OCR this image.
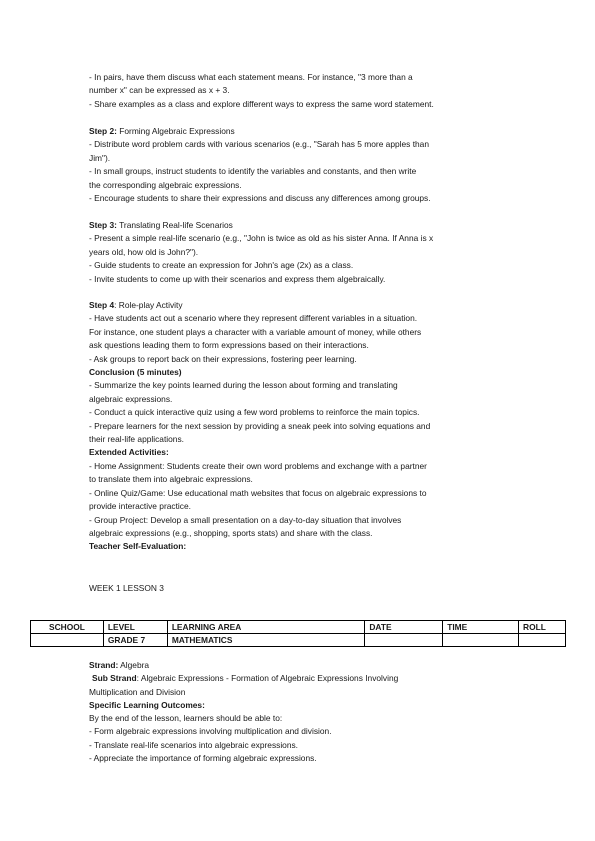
- In pairs, have them discuss what each statement means. For instance, "3 more than a
number x" can be expressed as x + 3.
- Share examples as a class and explore different ways to express the same word statement.
Step 2: Forming Algebraic Expressions
- Distribute word problem cards with various scenarios (e.g., "Sarah has 5 more apples than
Jim").
- In small groups, instruct students to identify the variables and constants, and then write
the corresponding algebraic expressions.
- Encourage students to share their expressions and discuss any differences among groups.
Step 3: Translating Real-life Scenarios
- Present a simple real-life scenario (e.g., "John is twice as old as his sister Anna. If Anna is x
years old, how old is John?").
- Guide students to create an expression for John's age (2x) as a class.
- Invite students to come up with their scenarios and express them algebraically.
Step 4: Role-play Activity
- Have students act out a scenario where they represent different variables in a situation.
For instance, one student plays a character with a variable amount of money, while others
ask questions leading them to form expressions based on their interactions.
- Ask groups to report back on their expressions, fostering peer learning.
Conclusion (5 minutes)
- Summarize the key points learned during the lesson about forming and translating
algebraic expressions.
- Conduct a quick interactive quiz using a few word problems to reinforce the main topics.
- Prepare learners for the next session by providing a sneak peek into solving equations and
their real-life applications.
Extended Activities:
- Home Assignment: Students create their own word problems and exchange with a partner
to translate them into algebraic expressions.
- Online Quiz/Game: Use educational math websites that focus on algebraic expressions to
provide interactive practice.
- Group Project: Develop a small presentation on a day-to-day situation that involves
algebraic expressions (e.g., shopping, sports stats) and share with the class.
Teacher Self-Evaluation:
WEEK 1 LESSON 3
SCHOOL	LEVEL	LEARNING AREA	DATE	TIME	ROLL
	GRADE 7	MATHEMATICS			
Strand: Algebra
Sub Strand: Algebraic Expressions - Formation of Algebraic Expressions Involving
Multiplication and Division
Specific Learning Outcomes:
By the end of the lesson, learners should be able to:
- Form algebraic expressions involving multiplication and division.
- Translate real-life scenarios into algebraic expressions.
- Appreciate the importance of forming algebraic expressions.
